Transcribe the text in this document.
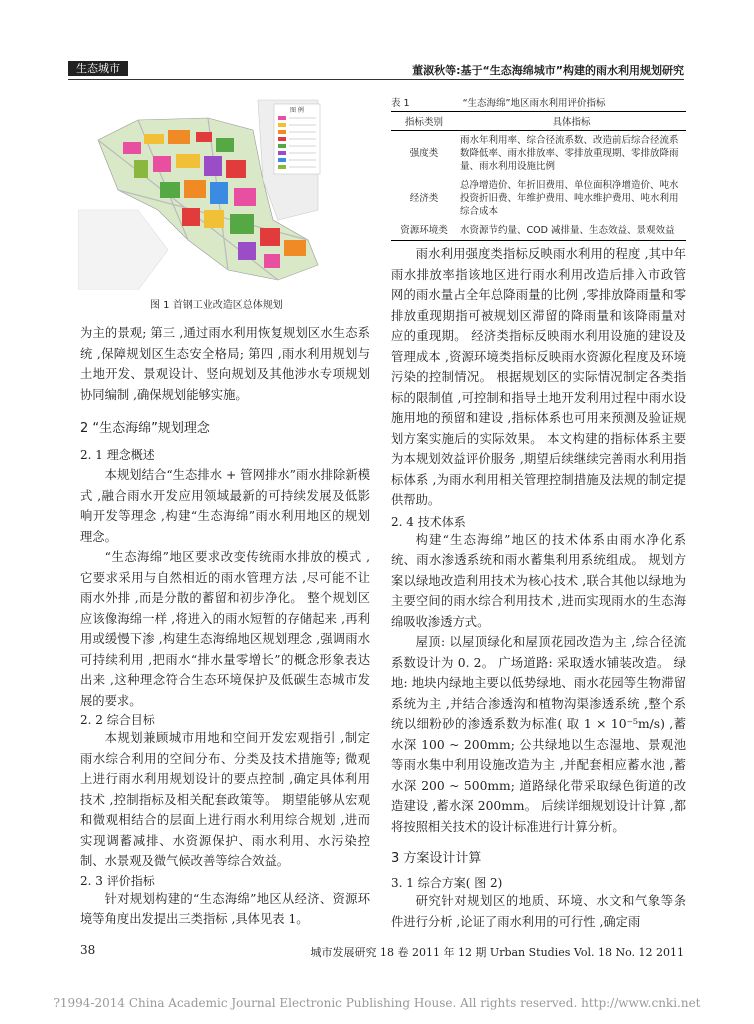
生态城市	董淑秋等:基于“生态海绵城市”构建的雨水利用规划研究
图 例
图 1 首钢工业改造区总体规划

为主的景观; 第三 ,通过雨水利用恢复规划区水生态系统 ,保障规划区生态安全格局; 第四 ,雨水利用规划与土地开发、景观设计、竖向规划及其他涉水专项规划协同编制 ,确保规划能够实施。

2 “生态海绵”规划理念
2. 1 理念概述

本规划结合“生态排水 + 管网排水”雨水排除新模式 ,融合雨水开发应用领域最新的可持续发展及低影响开发等理念 ,构建“生态海绵”雨水利用地区的规划理念。

“生态海绵”地区要求改变传统雨水排放的模式 ,它要求采用与自然相近的雨水管理方法 ,尽可能不让雨水外排 ,而是分散的蓄留和初步净化。 整个规划区应该像海绵一样 ,将进入的雨水短暂的存储起来 ,再利用或缓慢下渗 ,构建生态海绵地区规划理念 ,强调雨水可持续利用 ,把雨水“排水量零增长”的概念形象表达出来 ,这种理念符合生态环境保护及低碳生态城市发展的要求。

2. 2 综合目标

本规划兼顾城市用地和空间开发宏观指引 ,制定雨水综合利用的空间分布、分类及技术措施等; 微观上进行雨水利用规划设计的要点控制 ,确定具体利用技术 ,控制指标及相关配套政策等。 期望能够从宏观和微观相结合的层面上进行雨水利用综合规划 ,进而实现调蓄减排、水资源保护、雨水利用、水污染控制、水景观及微气候改善等综合效益。

2. 3 评价指标

针对规划构建的“生态海绵”地区从经济、资源环境等角度出发提出三类指标 ,具体见表 1。

表 1	“生态海绵”地区雨水利用评价指标
指标类别	具体指标
强度类	雨水年利用率、综合径流系数、改造前后综合径流系数降低率、雨水排放率、零排放重现期、零排放降雨量、雨水利用设施比例
经济类	总净增造价、年折旧费用、单位面积净增造价、吨水投资折旧费、年维护费用、吨水维护费用、吨水利用综合成本
资源环境类	水资源节约量、COD 减排量、生态效益、景观效益

雨水利用强度类指标反映雨水利用的程度 ,其中年雨水排放率指该地区进行雨水利用改造后排入市政管网的雨水量占全年总降雨量的比例 ,零排放降雨量和零排放重现期指可被规划区滞留的降雨量和该降雨量对应的重现期。 经济类指标反映雨水利用设施的建设及管理成本 ,资源环境类指标反映雨水资源化程度及环境污染的控制情况。 根据规划区的实际情况制定各类指标的限制值 ,可控制和指导土地开发利用过程中雨水设施用地的预留和建设 ,指标体系也可用来预测及验证规划方案实施后的实际效果。 本文构建的指标体系主要为本规划效益评价服务 ,期望后续继续完善雨水利用指标体系 ,为雨水利用相关管理控制措施及法规的制定提供帮助。

2. 4 技术体系

构建“生态海绵”地区的技术体系由雨水净化系统、雨水渗透系统和雨水蓄集利用系统组成。 规划方案以绿地改造利用技术为核心技术 ,联合其他以绿地为主要空间的雨水综合利用技术 ,进而实现雨水的生态海绵吸收渗透方式。

屋顶: 以屋顶绿化和屋顶花园改造为主 ,综合径流系数设计为 0. 2。 广场道路: 采取透水铺装改造。 绿地: 地块内绿地主要以低势绿地、雨水花园等生物滞留系统为主 ,并结合渗透沟和植物沟渠渗透系统 ,整个系统以细粉砂的渗透系数为标准( 取 1 × 10⁻⁵m/s) ,蓄水深 100 ~ 200mm; 公共绿地以生态湿地、景观池等雨水集中利用设施改造为主 ,并配套相应蓄水池 ,蓄水深 200 ~ 500mm; 道路绿化带采取绿色街道的改造建设 ,蓄水深 200mm。 后续详细规划设计计算 ,都将按照相关技术的设计标准进行计算分析。

3 方案设计计算
3. 1 综合方案( 图 2)

研究针对规划区的地质、环境、水文和气象等条件进行分析 ,论证了雨水利用的可行性 ,确定雨

38	城市发展研究 18 卷 2011 年 12 期 Urban Studies Vol. 18 No. 12 2011
?1994-2014 China Academic Journal Electronic Publishing House. All rights reserved. http://www.cnki.net
